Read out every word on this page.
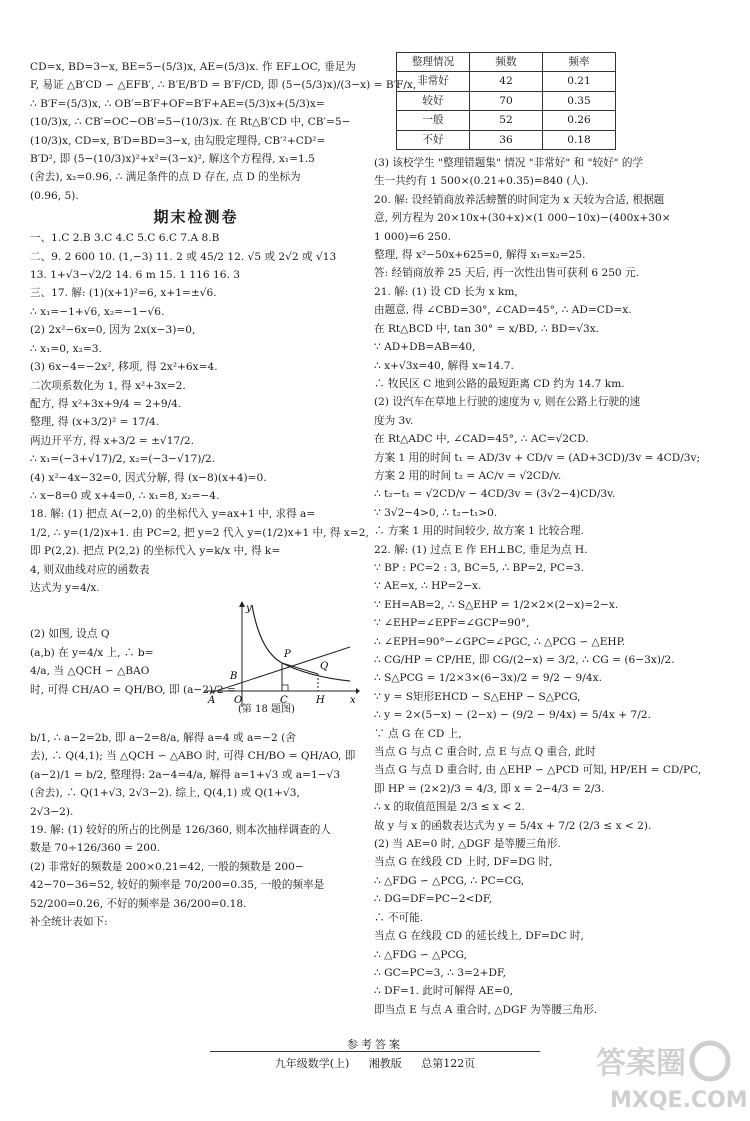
CD=x, BD=3−x, BE=5−(5/3)x, AE=(5/3)x. 作 EF⊥OC, 垂足为

F, 易证 △B′CD ∽ △EFB′, ∴ B′E/B′D = B′F/CD, 即 (5−(5/3)x)/(3−x) = B′F/x,

∴ B′F=(5/3)x, ∴ OB′=B′F+OF=B′F+AE=(5/3)x+(5/3)x=

(10/3)x, ∴ CB′=OC−OB′=5−(10/3)x. 在 Rt△B′CD 中, CB′=5−

(10/3)x, CD=x, B′D=BD=3−x, 由勾股定理得, CB′²+CD²=

B′D², 即 (5−(10/3)x)²+x²=(3−x)², 解这个方程得, x₁=1.5

(舍去), x₂=0.96, ∴ 满足条件的点 D 存在, 点 D 的坐标为

(0.96, 5).

期末检测卷

一、1.C 2.B 3.C 4.C 5.C 6.C 7.A 8.B

二、9. 2 600 10. (1,−3) 11. 2 或 45/2 12. √5 或 2√2 或 √13

13. 1+√3−√2/2 14. 6 m 15. 1 116 16. 3

三、17. 解: (1)(x+1)²=6, x+1=±√6.

∴ x₁=−1+√6, x₂=−1−√6.

(2) 2x²−6x=0, 因为 2x(x−3)=0,

∴ x₁=0, x₂=3.

(3) 6x−4=−2x², 移项, 得 2x²+6x=4.

二次项系数化为 1, 得 x²+3x=2.

配方, 得 x²+3x+9/4 = 2+9/4.

整理, 得 (x+3/2)² = 17/4.

两边开平方, 得 x+3/2 = ±√17/2.

∴ x₁=(−3+√17)/2, x₂=(−3−√17)/2.

(4) x²−4x−32=0, 因式分解, 得 (x−8)(x+4)=0.

∴ x−8=0 或 x+4=0, ∴ x₁=8, x₂=−4.

18. 解: (1) 把点 A(−2,0) 的坐标代入 y=ax+1 中, 求得 a=

1/2, ∴ y=(1/2)x+1. 由 PC=2, 把 y=2 代入 y=(1/2)x+1 中, 得 x=2,

即 P(2,2). 把点 P(2,2) 的坐标代入 y=k/x 中, 得 k=

4, 则双曲线对应的函数表

达式为 y=4/x.

y
x
A O
B
C	H
P
Q
(第 18 题图)

(2) 如图, 设点 Q

(a,b) 在 y=4/x 上, ∴ b=

4/a, 当 △QCH ∽ △BAO

时, 可得 CH/AO = QH/BO, 即 (a−2)/2 =

b/1, ∴ a−2=2b, 即 a−2=8/a, 解得 a=4 或 a=−2 (舍

去), ∴ Q(4,1); 当 △QCH ∽ △ABO 时, 可得 CH/BO = QH/AO, 即

(a−2)/1 = b/2, 整理得: 2a−4=4/a, 解得 a=1+√3 或 a=1−√3

(舍去), ∴ Q(1+√3, 2√3−2). 综上, Q(4,1) 或 Q(1+√3,

2√3−2).

19. 解: (1) 较好的所占的比例是 126/360, 则本次抽样调查的人

数是 70÷126/360 = 200.

(2) 非常好的频数是 200×0.21=42, 一般的频数是 200−

42−70−36=52, 较好的频率是 70/200=0.35, 一般的频率是

52/200=0.26, 不好的频率是 36/200=0.18.

补全统计表如下:

整理情况	频数	频率
非常好	42	0.21
较好	70	0.35
一般	52	0.26
不好	36	0.18

(3) 该校学生 "整理错题集" 情况 "非常好" 和 "较好" 的学

生一共约有 1 500×(0.21+0.35)=840 (人).

20. 解: 设经销商放养活螃蟹的时间定为 x 天较为合适, 根据题

意, 列方程为 20×10x+(30+x)×(1 000−10x)−(400x+30×

1 000)=6 250.

整理, 得 x²−50x+625=0, 解得 x₁=x₂=25.

答: 经销商放养 25 天后, 再一次性出售可获利 6 250 元.

21. 解: (1) 设 CD 长为 x km,

由题意, 得 ∠CBD=30°, ∠CAD=45°, ∴ AD=CD=x.

在 Rt△BCD 中, tan 30° = x/BD, ∴ BD=√3x.

∵ AD+DB=AB=40,

∴ x+√3x=40, 解得 x≈14.7.

∴ 牧民区 C 地到公路的最短距离 CD 约为 14.7 km.

(2) 设汽车在草地上行驶的速度为 v, 则在公路上行驶的速

度为 3v.

在 Rt△ADC 中, ∠CAD=45°, ∴ AC=√2CD.

方案 1 用的时间 t₁ = AD/3v + CD/v = (AD+3CD)/3v = 4CD/3v;

方案 2 用的时间 t₂ = AC/v = √2CD/v.

∴ t₂−t₁ = √2CD/v − 4CD/3v = (3√2−4)CD/3v.

∵ 3√2−4>0, ∴ t₂−t₁>0.

∴ 方案 1 用的时间较少, 故方案 1 比较合理.

22. 解: (1) 过点 E 作 EH⊥BC, 垂足为点 H.

∵ BP : PC=2 : 3, BC=5, ∴ BP=2, PC=3.

∵ AE=x, ∴ HP=2−x.

∵ EH=AB=2, ∴ S△EHP = 1/2×2×(2−x)=2−x.

∵ ∠EHP=∠EPF=∠GCP=90°,

∴ ∠EPH=90°−∠GPC=∠PGC, ∴ △PCG ∽ △EHP.

∴ CG/HP = CP/HE, 即 CG/(2−x) = 3/2, ∴ CG = (6−3x)/2.

∴ S△PCG = 1/2×3×(6−3x)/2 = 9/2 − 9/4x.

∵ y = S矩形EHCD − S△EHP − S△PCG,

∴ y = 2×(5−x) − (2−x) − (9/2 − 9/4x) = 5/4x + 7/2.

∵ 点 G 在 CD 上,

当点 G 与点 C 重合时, 点 E 与点 Q 重合, 此时

当点 G 与点 D 重合时, 由 △EHP ∽ △PCD 可知, HP/EH = CD/PC,

即 HP = (2×2)/3 = 4/3, 即 x = 2−4/3 = 2/3.

∴ x 的取值范围是 2/3 ≤ x < 2.

故 y 与 x 的函数表达式为 y = 5/4x + 7/2 (2/3 ≤ x < 2).

(2) 当 AE=0 时, △DGF 是等腰三角形.

当点 G 在线段 CD 上时, DF=DG 时,

∴ △FDG ∽ △PCG, ∴ PC=CG,

∴ DG=DF=PC−2<DF,

∴ 不可能.

当点 G 在线段 CD 的延长线上, DF=DC 时,

∴ △FDG ∽ △PCG,

∴ GC=PC=3, ∴ 3=2+DF,

∴ DF=1. 此时可解得 AE=0,

即当点 E 与点 A 重合时, △DGF 为等腰三角形.

参考答案
九年级数学(上) 湘教版 总第122页	答案圈
MXQE.COM
